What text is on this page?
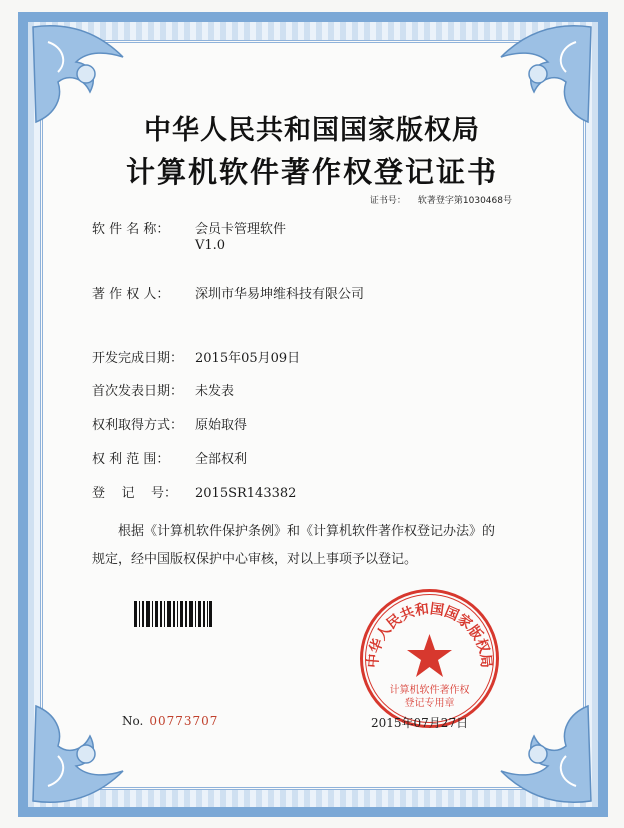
中华人民共和国国家版权局
计算机软件著作权登记证书
证书号： 软著登字第1030468号
软 件 名 称： 会员卡管理软件
V1.0
著 作 权 人： 深圳市华易坤维科技有限公司
开发完成日期： 2015年05月09日
首次发表日期： 未发表
权利取得方式： 原始取得
权 利 范 围： 全部权利
登    记    号： 2015SR143382
根据《计算机软件保护条例》和《计算机软件著作权登记办法》的
规定，经中国版权保护中心审核，对以上事项予以登记。
中华人民共和国国家版权局
计算机软件著作权
登记专用章
No. 00773707	2015年07月27日
